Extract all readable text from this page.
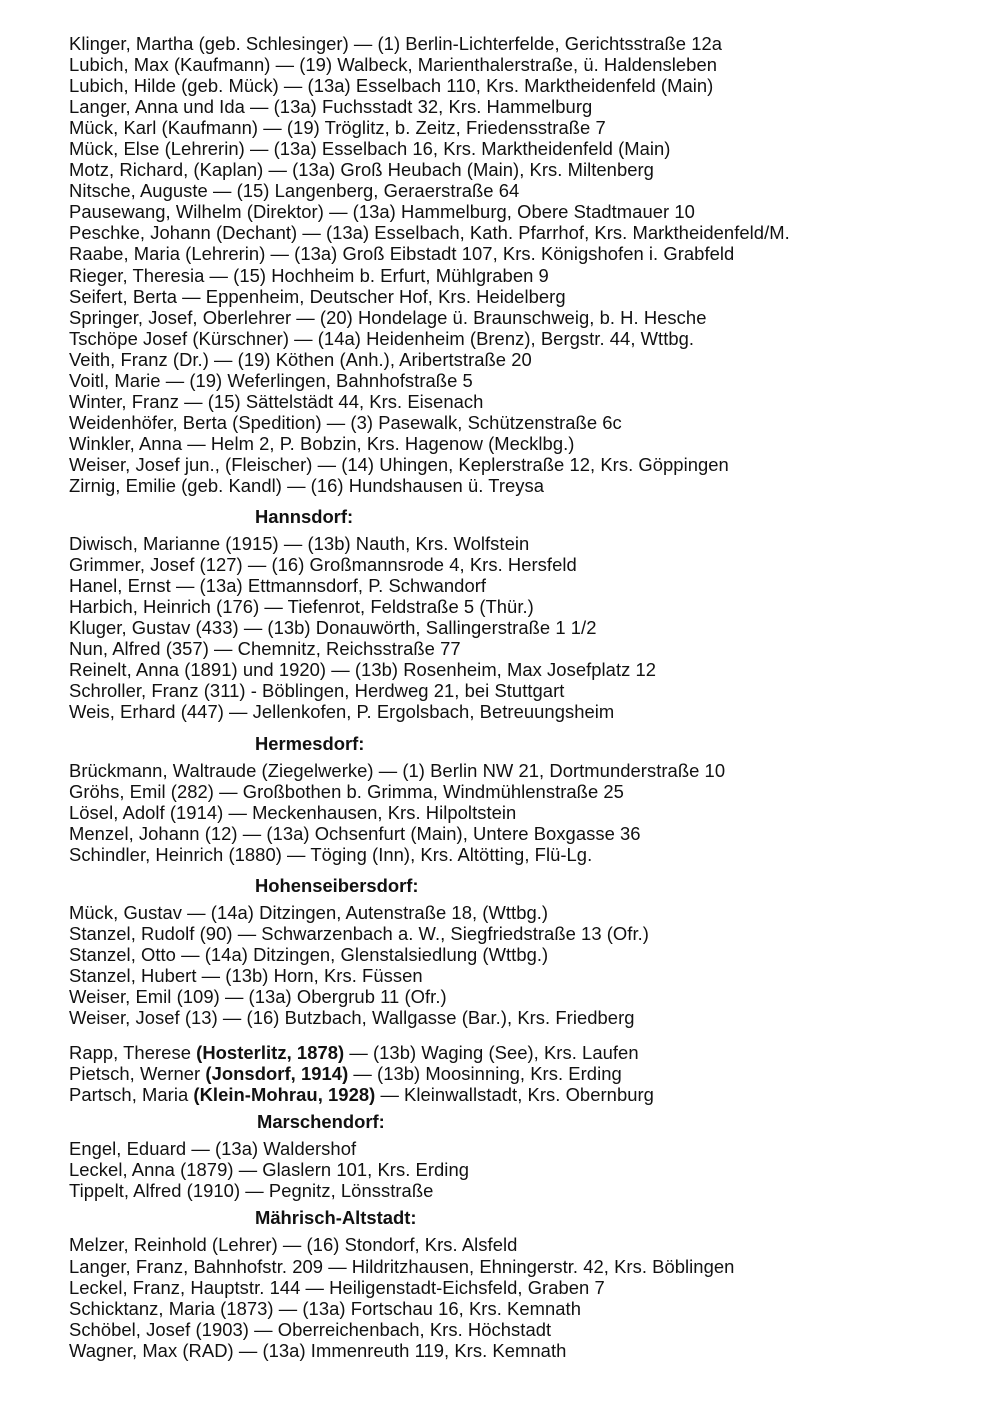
Klinger, Martha (geb. Schlesinger) — (1) Berlin-Lichterfelde, Gerichtsstraße 12a
Lubich, Max (Kaufmann) — (19) Walbeck, Marienthalerstraße, ü. Haldensleben
Lubich, Hilde (geb. Mück) — (13a) Esselbach 110, Krs. Marktheidenfeld (Main)
Langer, Anna und Ida — (13a) Fuchsstadt 32, Krs. Hammelburg
Mück, Karl (Kaufmann) — (19) Tröglitz, b. Zeitz, Friedensstraße 7
Mück, Else (Lehrerin) — (13a) Esselbach 16, Krs. Marktheidenfeld (Main)
Motz, Richard, (Kaplan) — (13a) Groß Heubach (Main), Krs. Miltenberg
Nitsche, Auguste — (15) Langenberg, Geraerstraße 64
Pausewang, Wilhelm (Direktor) — (13a) Hammelburg, Obere Stadtmauer 10
Peschke, Johann (Dechant) — (13a) Esselbach, Kath. Pfarrhof, Krs. Marktheidenfeld/M.
Raabe, Maria (Lehrerin) — (13a) Groß Eibstadt 107, Krs. Königshofen i. Grabfeld
Rieger, Theresia — (15) Hochheim b. Erfurt, Mühlgraben 9
Seifert, Berta — Eppenheim, Deutscher Hof, Krs. Heidelberg
Springer, Josef, Oberlehrer — (20) Hondelage ü. Braunschweig, b. H. Hesche
Tschöpe Josef (Kürschner) — (14a) Heidenheim (Brenz), Bergstr. 44, Wttbg.
Veith, Franz (Dr.) — (19) Köthen (Anh.), Aribertstraße 20
Voitl, Marie — (19) Weferlingen, Bahnhofstraße 5
Winter, Franz — (15) Sättelstädt 44, Krs. Eisenach
Weidenhöfer, Berta (Spedition) — (3) Pasewalk, Schützenstraße 6c
Winkler, Anna — Helm 2, P. Bobzin, Krs. Hagenow (Mecklbg.)
Weiser, Josef jun., (Fleischer) — (14) Uhingen, Keplerstraße 12, Krs. Göppingen
Zirnig, Emilie (geb. Kandl) — (16) Hundshausen ü. Treysa
Hannsdorf:
Diwisch, Marianne (1915) — (13b) Nauth, Krs. Wolfstein
Grimmer, Josef (127) — (16) Großmannsrode 4, Krs. Hersfeld
Hanel, Ernst — (13a) Ettmannsdorf, P. Schwandorf
Harbich, Heinrich (176) — Tiefenrot, Feldstraße 5 (Thür.)
Kluger, Gustav (433) — (13b) Donauwörth, Sallingerstraße 1 1/2
Nun, Alfred (357) — Chemnitz, Reichsstraße 77
Reinelt, Anna (1891) und 1920) — (13b) Rosenheim, Max Josefplatz 12
Schroller, Franz (311) - Böblingen, Herdweg 21, bei Stuttgart
Weis, Erhard (447) — Jellenkofen, P. Ergolsbach, Betreuungsheim
Hermesdorf:
Brückmann, Waltraude (Ziegelwerke) — (1) Berlin NW 21, Dortmunderstraße 10
Gröhs, Emil (282) — Großbothen b. Grimma, Windmühlenstraße 25
Lösel, Adolf (1914) — Meckenhausen, Krs. Hilpoltstein
Menzel, Johann (12) — (13a) Ochsenfurt (Main), Untere Boxgasse 36
Schindler, Heinrich (1880) — Töging (Inn), Krs. Altötting, Flü-Lg.
Hohenseibersdorf:
Mück, Gustav — (14a) Ditzingen, Autenstraße 18, (Wttbg.)
Stanzel, Rudolf (90) — Schwarzenbach a. W., Siegfriedstraße 13 (Ofr.)
Stanzel, Otto — (14a) Ditzingen, Glenstalsiedlung (Wttbg.)
Stanzel, Hubert — (13b) Horn, Krs. Füssen
Weiser, Emil (109) — (13a) Obergrub 11 (Ofr.)
Weiser, Josef (13) — (16) Butzbach, Wallgasse (Bar.), Krs. Friedberg
Rapp, Therese (Hosterlitz, 1878) — (13b) Waging (See), Krs. Laufen
Pietsch, Werner (Jonsdorf, 1914) — (13b) Moosinning, Krs. Erding
Partsch, Maria (Klein-Mohrau, 1928) — Kleinwallstadt, Krs. Obernburg
Marschendorf:
Engel, Eduard — (13a) Waldershof
Leckel, Anna (1879) — Glaslern 101, Krs. Erding
Tippelt, Alfred (1910) — Pegnitz, Lönsstraße
Mährisch-Altstadt:
Melzer, Reinhold (Lehrer) — (16) Stondorf, Krs. Alsfeld
Langer, Franz, Bahnhofstr. 209 — Hildritzhausen, Ehningerstr. 42, Krs. Böblingen
Leckel, Franz, Hauptstr. 144 — Heiligenstadt-Eichsfeld, Graben 7
Schicktanz, Maria (1873) — (13a) Fortschau 16, Krs. Kemnath
Schöbel, Josef (1903) — Oberreichenbach, Krs. Höchstadt
Wagner, Max (RAD) — (13a) Immenreuth 119, Krs. Kemnath
